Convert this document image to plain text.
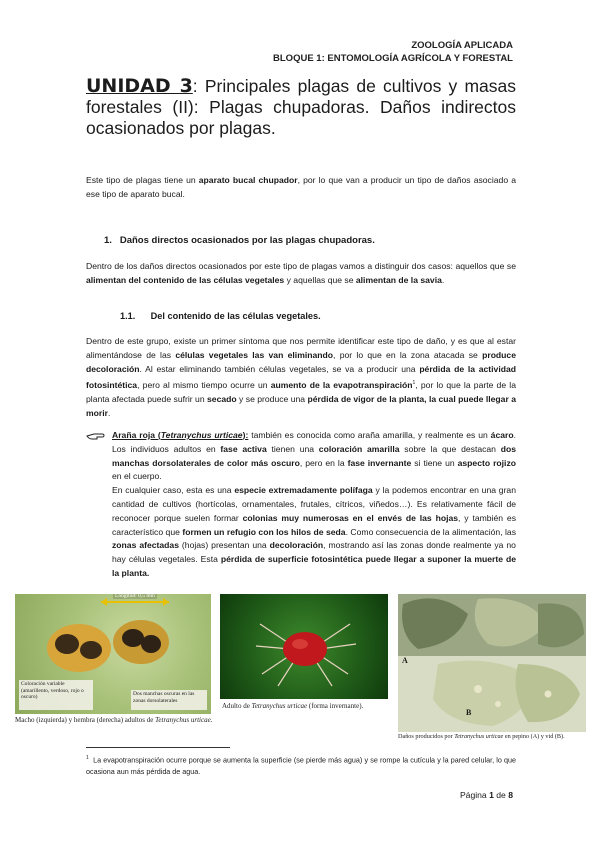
ZOOLOGÍA APLICADA
BLOQUE 1: ENTOMOLOGÍA AGRÍCOLA Y FORESTAL
UNIDAD 3: Principales plagas de cultivos y masas forestales (II): Plagas chupadoras. Daños indirectos ocasionados por plagas.

Este tipo de plagas tiene un aparato bucal chupador, por lo que van a producir un tipo de daños asociado a ese tipo de aparato bucal.

1. Daños directos ocasionados por las plagas chupadoras.

Dentro de los daños directos ocasionados por este tipo de plagas vamos a distinguir dos casos: aquellos que se alimentan del contenido de las células vegetales y aquellas que se alimentan de la savia.

1.1. Del contenido de las células vegetales.

Dentro de este grupo, existe un primer síntoma que nos permite identificar este tipo de daño, y es que al estar alimentándose de las células vegetales las van eliminando, por lo que en la zona atacada se produce decoloración. Al estar eliminando también células vegetales, se va a producir una pérdida de la actividad fotosintética, pero al mismo tiempo ocurre un aumento de la evapotranspiración$^1$, por lo que la parte de la planta afectada puede sufrir un secado y se produce una pérdida de vigor de la planta, la cual puede llegar a morir.

Araña roja (Tetranychus urticae): también es conocida como araña amarilla, y realmente es un ácaro. Los individuos adultos en fase activa tienen una coloración amarilla sobre la que destacan dos manchas dorsolaterales de color más oscuro, pero en la fase invernante si tiene un aspecto rojizo en el cuerpo.

En cualquier caso, esta es una especie extremadamente polífaga y la podemos encontrar en una gran cantidad de cultivos (hortícolas, ornamentales, frutales, cítricos, viñedos…). Es relativamente fácil de reconocer porque suelen formar colonias muy numerosas en el envés de las hojas, y también es característico que formen un refugio con los hilos de seda. Como consecuencia de la alimentación, las zonas afectadas (hojas) presentan una decoloración, mostrando así las zonas donde realmente ya no hay células vegetales. Esta pérdida de superficie fotosintética puede llegar a suponer la muerte de la planta.

Longitud: 0,5 mm
Coloración variable (amarillento, verdoso, rojo o oscuro)	Dos manchas oscuras en las zonas dorsolaterales
Macho (izquierda) y hembra (derecha) adultos de Tetranychus urticae.
Adulto de Tetranychus urticae (forma invernante).
A
B
Daños producidos por Tetranychus urticae en pepino (A) y vid (B).

$^1$ La evapotranspiración ocurre porque se aumenta la superficie (se pierde más agua) y se rompe la cutícula y la pared celular, lo que ocasiona aun más pérdida de agua.

Página 1 de 8
